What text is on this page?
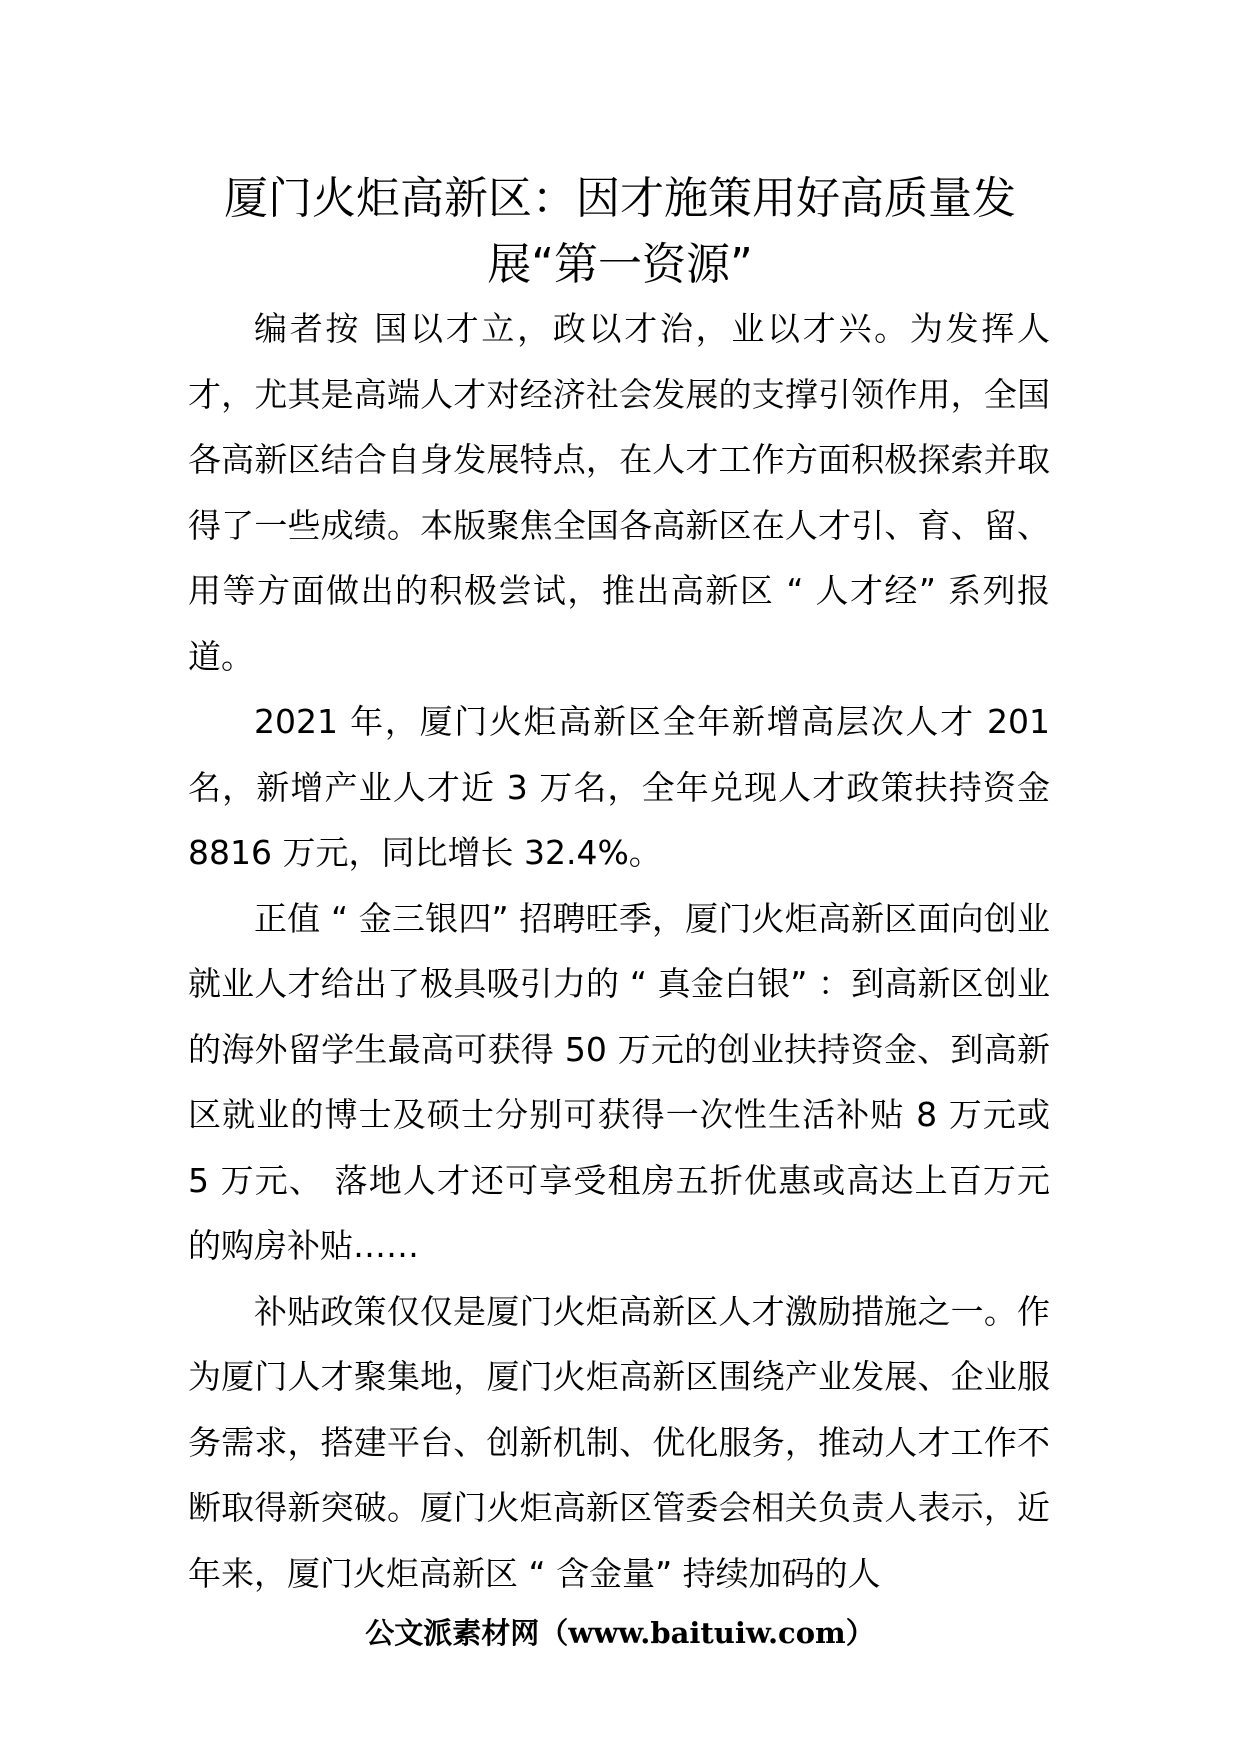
厦门火炬高新区：因才施策用好高质量发
展“第一资源”

编者按 国以才立，政以才治，业以才兴。为发挥人才，尤其是高端人才对经济社会发展的支撑引领作用，全国各高新区结合自身发展特点，在人才工作方面积极探索并取得了一些成绩。本版聚焦全国各高新区在人才引、育、留、用等方面做出的积极尝试，推出高新区 “ 人才经” 系列报道。

2021 年，厦门火炬高新区全年新增高层次人才 201 名，新增产业人才近 3 万名，全年兑现人才政策扶持资金 8816 万元，同比增长 32.4%。

正值 “ 金三银四” 招聘旺季，厦门火炬高新区面向创业就业人才给出了极具吸引力的 “ 真金白银” ：到高新区创业的海外留学生最高可获得 50 万元的创业扶持资金、到高新区就业的博士及硕士分别可获得一次性生活补贴 8 万元或 5 万元、 落地人才还可享受租房五折优惠或高达上百万元的购房补贴……

补贴政策仅仅是厦门火炬高新区人才激励措施之一。作为厦门人才聚集地，厦门火炬高新区围绕产业发展、企业服务需求，搭建平台、创新机制、优化服务，推动人才工作不断取得新突破。厦门火炬高新区管委会相关负责人表示，近年来，厦门火炬高新区 “ 含金量” 持续加码的人

公文派素材网（www.baituiw.com）
